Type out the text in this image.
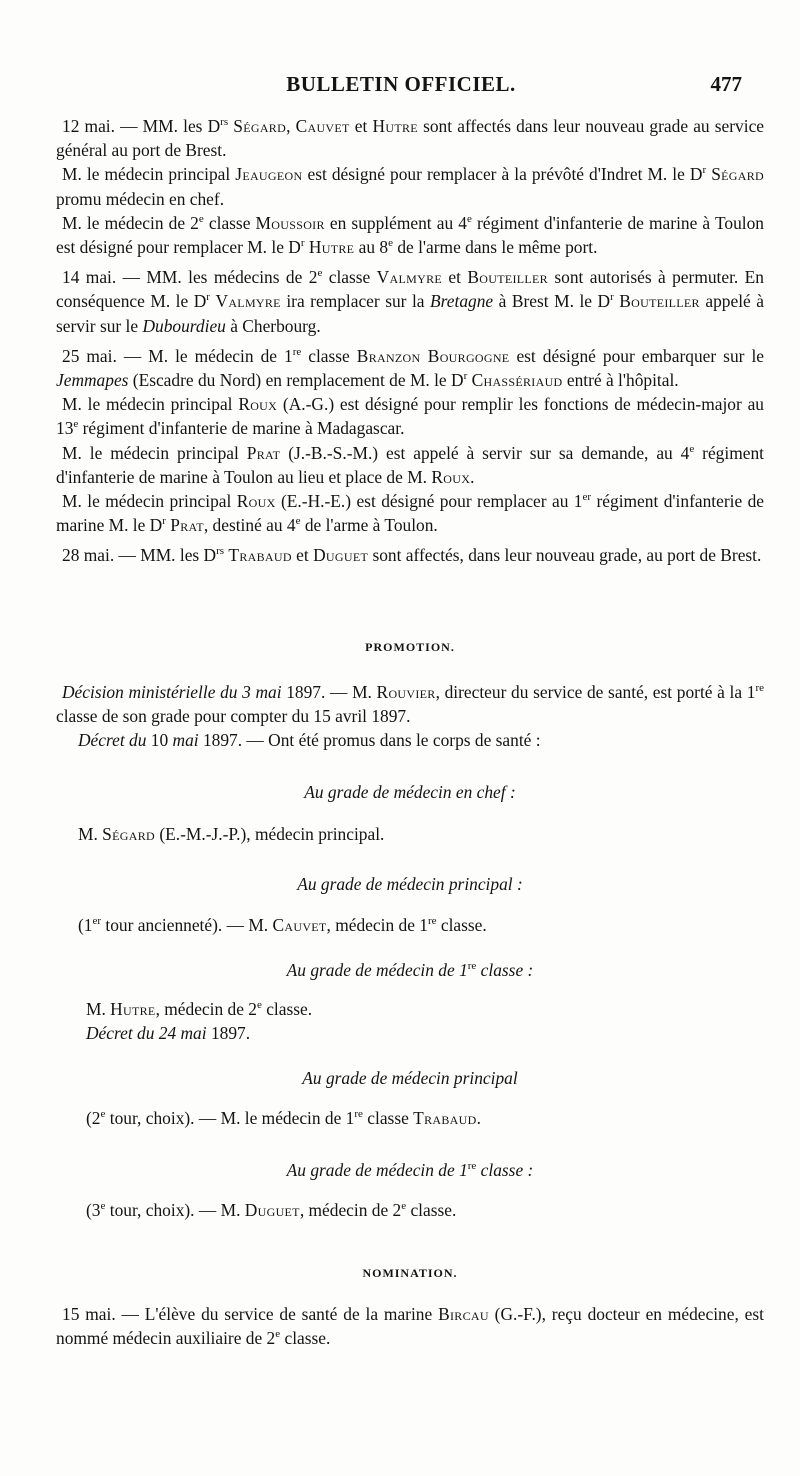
BULLETIN OFFICIEL.	477

12 mai. — MM. les $D^{rs}$ Ségard, Cauvet et Hutre sont affectés dans leur nouveau grade au service général au port de Brest.

M. le médecin principal Jeaugeon est désigné pour remplacer à la prévôté d'Indret M. le $D^r$ Ségard promu médecin en chef.

M. le médecin de 2e classe Moussoir en supplément au 4e régiment d'infanterie de marine à Toulon est désigné pour remplacer M. le $D^r$ Hutre au 8e de l'arme dans le même port.

14 mai. — MM. les médecins de 2e classe Valmyre et Bouteiller sont autorisés à permuter. En conséquence M. le $D^r$ Valmyre ira remplacer sur la Bretagne à Brest M. le $D^r$ Bouteiller appelé à servir sur le Dubourdieu à Cherbourg.

25 mai. — M. le médecin de 1re classe Branzon Bourgogne est désigné pour embarquer sur le Jemmapes (Escadre du Nord) en remplacement de M. le $D^r$ Chassériaud entré à l'hôpital.

M. le médecin principal Roux (A.-G.) est désigné pour remplir les fonctions de médecin-major au 13e régiment d'infanterie de marine à Madagascar.

M. le médecin principal Prat (J.-B.-S.-M.) est appelé à servir sur sa demande, au 4e régiment d'infanterie de marine à Toulon au lieu et place de M. Roux.

M. le médecin principal Roux (E.-H.-E.) est désigné pour remplacer au 1er régiment d'infanterie de marine M. le $D^r$ Prat, destiné au 4e de l'arme à Toulon.

28 mai. — MM. les $D^{rs}$ Trabaud et Duguet sont affectés, dans leur nouveau grade, au port de Brest.

PROMOTION.

Décision ministérielle du 3 mai 1897. — M. Rouvier, directeur du service de santé, est porté à la 1re classe de son grade pour compter du 15 avril 1897.

Décret du 10 mai 1897. — Ont été promus dans le corps de santé :

Au grade de médecin en chef :

M. Ségard (E.-M.-J.-P.), médecin principal.

Au grade de médecin principal :

(1er tour ancienneté). — M. Cauvet, médecin de 1re classe.

Au grade de médecin de 1re classe :

M. Hutre, médecin de 2e classe.

Décret du 24 mai 1897.

Au grade de médecin principal

(2e tour, choix). — M. le médecin de 1re classe Trabaud.

Au grade de médecin de 1re classe :

(3e tour, choix). — M. Duguet, médecin de 2e classe.

NOMINATION.

15 mai. — L'élève du service de santé de la marine Bircau (G.-F.), reçu docteur en médecine, est nommé médecin auxiliaire de 2e classe.
